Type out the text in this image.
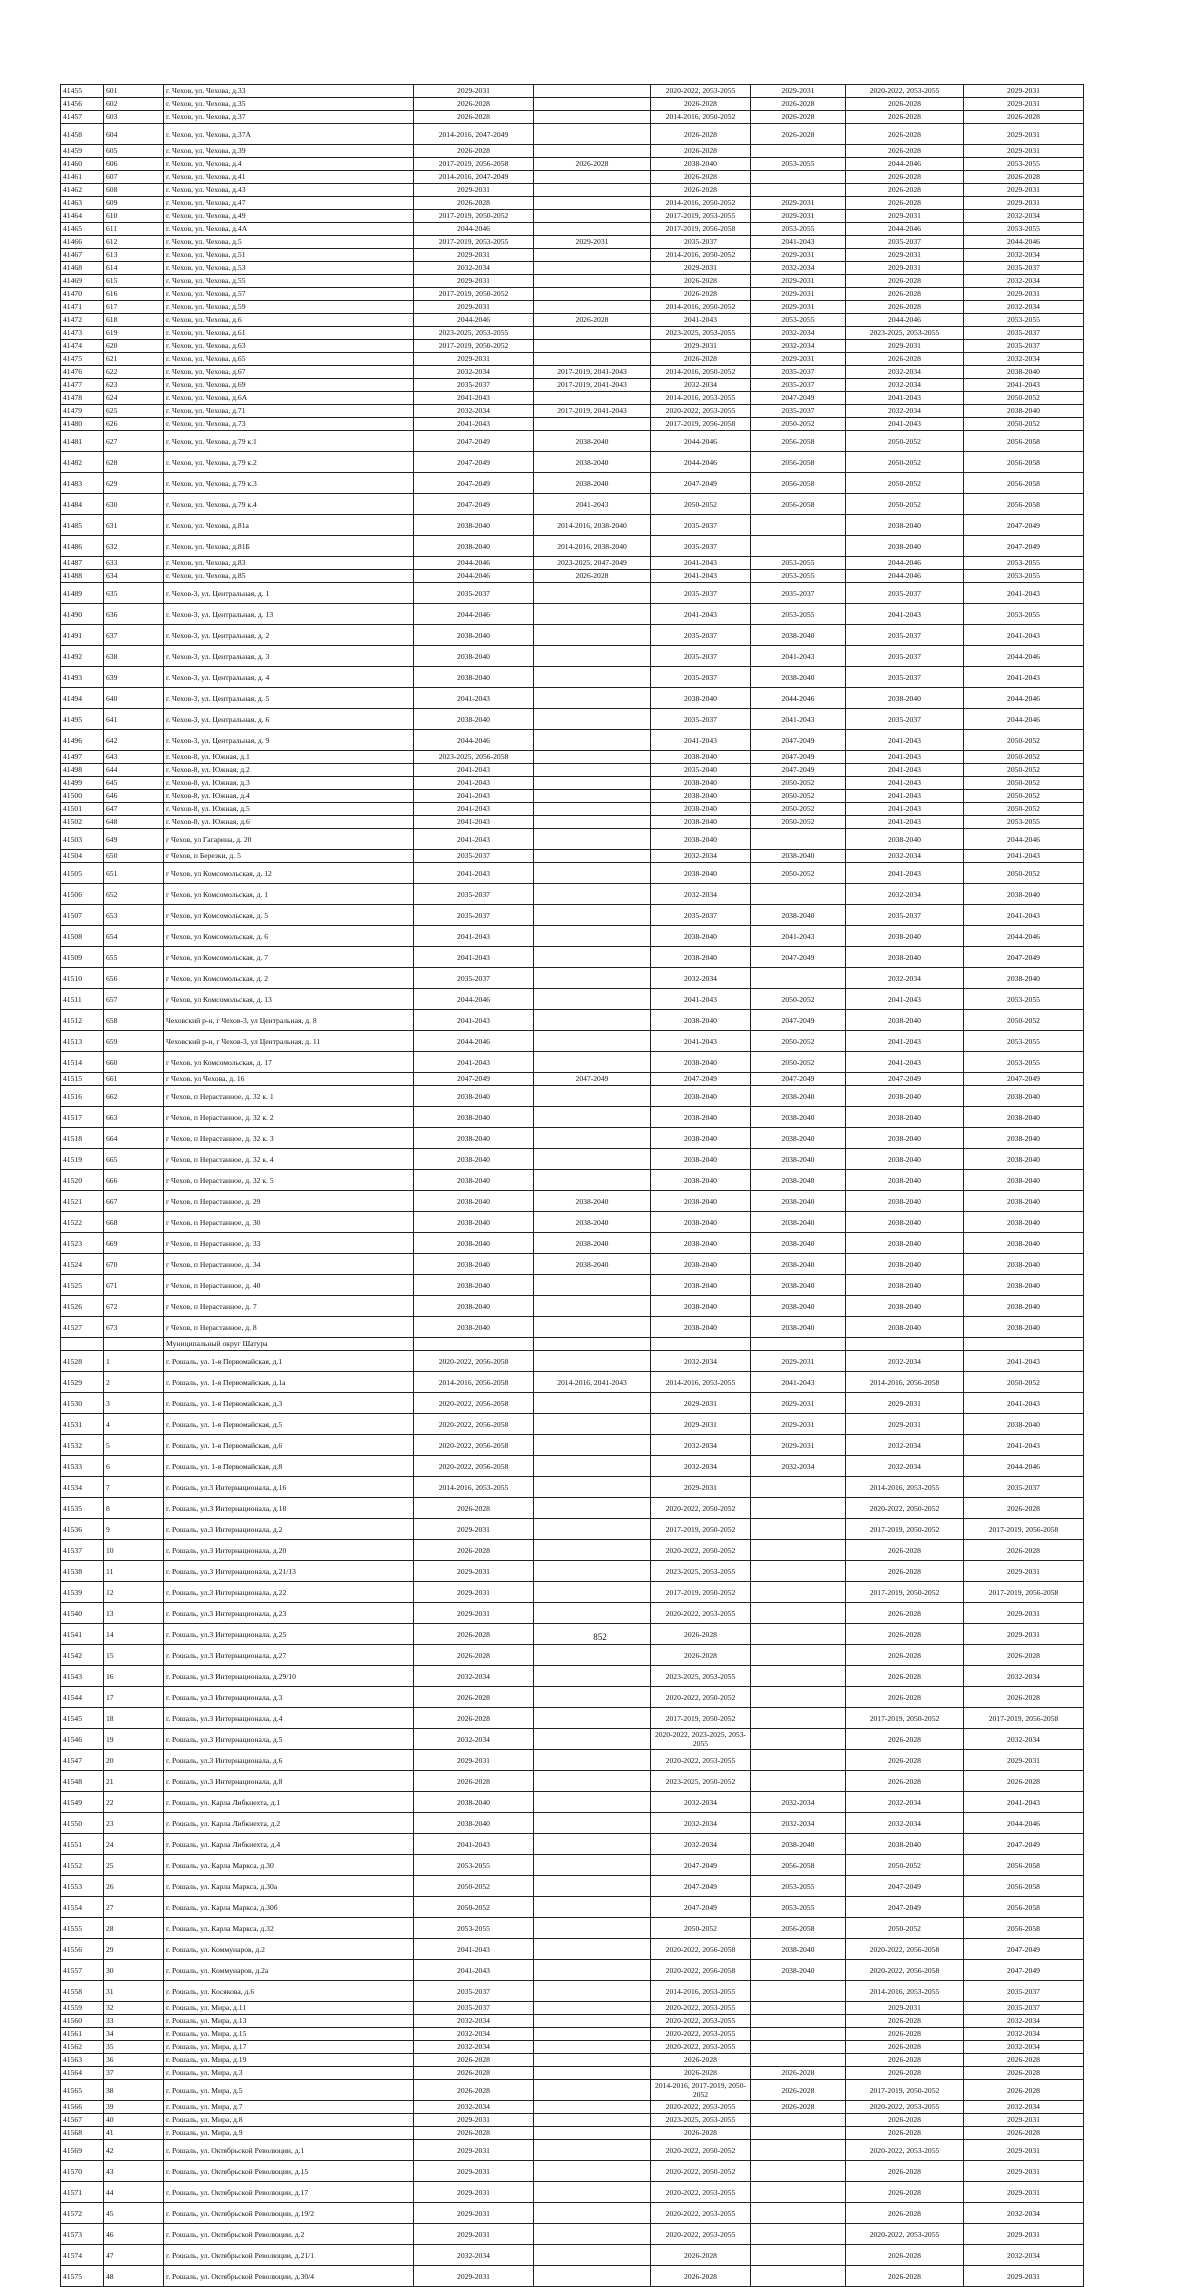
41455	601	г. Чехов, ул. Чехова, д.33	2029-2031		2020-2022, 2053-2055	2029-2031	2020-2022, 2053-2055	2029-2031
41456	602	г. Чехов, ул. Чехова, д.35	2026-2028		2026-2028	2026-2028	2026-2028	2029-2031
41457	603	г. Чехов, ул. Чехова, д.37	2026-2028		2014-2016, 2050-2052	2026-2028	2026-2028	2026-2028
41458	604	г. Чехов, ул. Чехова, д.37А	2014-2016, 2047-2049		2026-2028	2026-2028	2026-2028	2029-2031
41459	605	г. Чехов, ул. Чехова, д.39	2026-2028		2026-2028		2026-2028	2029-2031
41460	606	г. Чехов, ул. Чехова, д.4	2017-2019, 2056-2058	2026-2028	2038-2040	2053-2055	2044-2046	2053-2055
41461	607	г. Чехов, ул. Чехова, д.41	2014-2016, 2047-2049		2026-2028		2026-2028	2026-2028
41462	608	г. Чехов, ул. Чехова, д.43	2029-2031		2026-2028		2026-2028	2029-2031
41463	609	г. Чехов, ул. Чехова, д.47	2026-2028		2014-2016, 2050-2052	2029-2031	2026-2028	2029-2031
41464	610	г. Чехов, ул. Чехова, д.49	2017-2019, 2050-2052		2017-2019, 2053-2055	2029-2031	2029-2031	2032-2034
41465	611	г. Чехов, ул. Чехова, д.4А	2044-2046		2017-2019, 2056-2058	2053-2055	2044-2046	2053-2055
41466	612	г. Чехов, ул. Чехова, д.5	2017-2019, 2053-2055	2029-2031	2035-2037	2041-2043	2035-2037	2044-2046
41467	613	г. Чехов, ул. Чехова, д.51	2029-2031		2014-2016, 2050-2052	2029-2031	2029-2031	2032-2034
41468	614	г. Чехов, ул. Чехова, д.53	2032-2034		2029-2031	2032-2034	2029-2031	2035-2037
41469	615	г. Чехов, ул. Чехова, д.55	2029-2031		2026-2028	2029-2031	2026-2028	2032-2034
41470	616	г. Чехов, ул. Чехова, д.57	2017-2019, 2050-2052		2026-2028	2029-2031	2026-2028	2029-2031
41471	617	г. Чехов, ул. Чехова, д.59	2029-2031		2014-2016, 2050-2052	2029-2031	2026-2028	2032-2034
41472	618	г. Чехов, ул. Чехова, д.6	2044-2046	2026-2028	2041-2043	2053-2055	2044-2046	2053-2055
41473	619	г. Чехов, ул. Чехова, д.61	2023-2025, 2053-2055		2023-2025, 2053-2055	2032-2034	2023-2025, 2053-2055	2035-2037
41474	620	г. Чехов, ул. Чехова, д.63	2017-2019, 2050-2052		2029-2031	2032-2034	2029-2031	2035-2037
41475	621	г. Чехов, ул. Чехова, д.65	2029-2031		2026-2028	2029-2031	2026-2028	2032-2034
41476	622	г. Чехов, ул. Чехова, д.67	2032-2034	2017-2019, 2041-2043	2014-2016, 2050-2052	2035-2037	2032-2034	2038-2040
41477	623	г. Чехов, ул. Чехова, д.69	2035-2037	2017-2019, 2041-2043	2032-2034	2035-2037	2032-2034	2041-2043
41478	624	г. Чехов, ул. Чехова, д.6А	2041-2043		2014-2016, 2053-2055	2047-2049	2041-2043	2050-2052
41479	625	г. Чехов, ул. Чехова, д.71	2032-2034	2017-2019, 2041-2043	2020-2022, 2053-2055	2035-2037	2032-2034	2038-2040
41480	626	г. Чехов, ул. Чехова, д.73	2041-2043		2017-2019, 2056-2058	2050-2052	2041-2043	2050-2052
41481	627	г. Чехов, ул. Чехова, д.79 к.1	2047-2049	2038-2040	2044-2046	2056-2058	2050-2052	2056-2058
41482	628	г. Чехов, ул. Чехова, д.79 к.2	2047-2049	2038-2040	2044-2046	2056-2058	2050-2052	2056-2058
41483	629	г. Чехов, ул. Чехова, д.79 к.3	2047-2049	2038-2040	2047-2049	2056-2058	2050-2052	2056-2058
41484	630	г. Чехов, ул. Чехова, д.79 к.4	2047-2049	2041-2043	2050-2052	2056-2058	2050-2052	2056-2058
41485	631	г. Чехов, ул. Чехова, д.81а	2038-2040	2014-2016, 2038-2040	2035-2037		2038-2040	2047-2049
41486	632	г. Чехов, ул. Чехова, д.81Б	2038-2040	2014-2016, 2038-2040	2035-2037		2038-2040	2047-2049
41487	633	г. Чехов, ул. Чехова, д.83	2044-2046	2023-2025, 2047-2049	2041-2043	2053-2055	2044-2046	2053-2055
41488	634	г. Чехов, ул. Чехова, д.85	2044-2046	2026-2028	2041-2043	2053-2055	2044-2046	2053-2055
41489	635	г. Чехов-3, ул. Центральная, д. 1	2035-2037		2035-2037	2035-2037	2035-2037	2041-2043
41490	636	г. Чехов-3, ул. Центральная, д. 13	2044-2046		2041-2043	2053-2055	2041-2043	2053-2055
41491	637	г. Чехов-3, ул. Центральная, д. 2	2038-2040		2035-2037	2038-2040	2035-2037	2041-2043
41492	638	г. Чехов-3, ул. Центральная, д. 3	2038-2040		2035-2037	2041-2043	2035-2037	2044-2046
41493	639	г. Чехов-3, ул. Центральная, д. 4	2038-2040		2035-2037	2038-2040	2035-2037	2041-2043
41494	640	г. Чехов-3, ул. Центральная, д. 5	2041-2043		2038-2040	2044-2046	2038-2040	2044-2046
41495	641	г. Чехов-3, ул. Центральная, д. 6	2038-2040		2035-2037	2041-2043	2035-2037	2044-2046
41496	642	г. Чехов-3, ул. Центральная, д. 9	2044-2046		2041-2043	2047-2049	2041-2043	2050-2052
41497	643	г. Чехов-8, ул. Южная, д.1	2023-2025, 2056-2058		2038-2040	2047-2049	2041-2043	2050-2052
41498	644	г. Чехов-8, ул. Южная, д.2	2041-2043		2035-2040	2047-2049	2041-2043	2050-2052
41499	645	г. Чехов-8, ул. Южная, д.3	2041-2043		2038-2040	2050-2052	2041-2043	2050-2052
41500	646	г. Чехов-8, ул. Южная, д.4	2041-2043		2038-2040	2050-2052	2041-2043	2050-2052
41501	647	г. Чехов-8, ул. Южная, д.5	2041-2043		2038-2040	2050-2052	2041-2043	2050-2052
41502	648	г. Чехов-8, ул. Южная, д.6	2041-2043		2038-2040	2050-2052	2041-2043	2053-2055
41503	649	г Чехов, ул Гагарина, д. 20	2041-2043		2038-2040		2038-2040	2044-2046
41504	650	г Чехов, п Березки, д. 5	2035-2037		2032-2034	2038-2040	2032-2034	2041-2043
41505	651	г Чехов, ул Комсомольская, д. 12	2041-2043		2038-2040	2050-2052	2041-2043	2050-2052
41506	652	г Чехов, ул Комсомольская, д. 1	2035-2037		2032-2034		2032-2034	2038-2040
41507	653	г Чехов, ул Комсомольская, д. 5	2035-2037		2035-2037	2038-2040	2035-2037	2041-2043
41508	654	г Чехов, ул Комсомольская, д. 6	2041-2043		2038-2040	2041-2043	2038-2040	2044-2046
41509	655	г Чехов, ул Комсомольская, д. 7	2041-2043		2038-2040	2047-2049	2038-2040	2047-2049
41510	656	г Чехов, ул Комсомольская, д. 2	2035-2037		2032-2034		2032-2034	2038-2040
41511	657	г Чехов, ул Комсомольская, д. 13	2044-2046		2041-2043	2050-2052	2041-2043	2053-2055
41512	658	Чеховский р-н, г Чехов-3, ул Центральная, д. 8	2041-2043		2038-2040	2047-2049	2038-2040	2050-2052
41513	659	Чеховский р-н, г Чехов-3, ул Центральная, д. 11	2044-2046		2041-2043	2050-2052	2041-2043	2053-2055
41514	660	г Чехов, ул Комсомольская, д. 17	2041-2043		2038-2040	2050-2052	2041-2043	2053-2055
41515	661	г Чехов, ул Чехова, д. 16	2047-2049	2047-2049	2047-2049	2047-2049	2047-2049	2047-2049
41516	662	г Чехов, п Нерастанное, д. 32 к. 1	2038-2040		2038-2040	2038-2040	2038-2040	2038-2040
41517	663	г Чехов, п Нерастанное, д. 32 к. 2	2038-2040		2038-2040	2038-2040	2038-2040	2038-2040
41518	664	г Чехов, п Нерастанное, д. 32 к. 3	2038-2040		2038-2040	2038-2040	2038-2040	2038-2040
41519	665	г Чехов, п Нерастанное, д. 32 к. 4	2038-2040		2038-2040	2038-2040	2038-2040	2038-2040
41520	666	г Чехов, п Нерастанное, д. 32 к. 5	2038-2040		2038-2040	2038-2040	2038-2040	2038-2040
41521	667	г Чехов, п Нерастанное, д. 29	2038-2040	2038-2040	2038-2040	2038-2040	2038-2040	2038-2040
41522	668	г Чехов, п Нерастанное, д. 30	2038-2040	2038-2040	2038-2040	2038-2040	2038-2040	2038-2040
41523	669	г Чехов, п Нерастанное, д. 33	2038-2040	2038-2040	2038-2040	2038-2040	2038-2040	2038-2040
41524	670	г Чехов, п Нерастанное, д. 34	2038-2040	2038-2040	2038-2040	2038-2040	2038-2040	2038-2040
41525	671	г Чехов, п Нерастанное, д. 40	2038-2040		2038-2040	2038-2040	2038-2040	2038-2040
41526	672	г Чехов, п Нерастанное, д. 7	2038-2040		2038-2040	2038-2040	2038-2040	2038-2040
41527	673	г Чехов, п Нерастанное, д. 8	2038-2040		2038-2040	2038-2040	2038-2040	2038-2040
		Муниципальный округ Шатура						
41528	1	г. Рошаль, ул. 1-я Первомайская, д.1	2020-2022, 2056-2058		2032-2034	2029-2031	2032-2034	2041-2043
41529	2	г. Рошаль, ул. 1-я Первомайская, д.1а	2014-2016, 2056-2058	2014-2016, 2041-2043	2014-2016, 2053-2055	2041-2043	2014-2016, 2056-2058	2050-2052
41530	3	г. Рошаль, ул. 1-я Первомайская, д.3	2020-2022, 2056-2058		2029-2031	2029-2031	2029-2031	2041-2043
41531	4	г. Рошаль, ул. 1-я Первомайская, д.5	2020-2022, 2056-2058		2029-2031	2029-2031	2029-2031	2038-2040
41532	5	г. Рошаль, ул. 1-я Первомайская, д.6	2020-2022, 2056-2058		2032-2034	2029-2031	2032-2034	2041-2043
41533	6	г. Рошаль, ул. 1-я Первомайская, д.8	2020-2022, 2056-2058		2032-2034	2032-2034	2032-2034	2044-2046
41534	7	г. Рошаль, ул.3 Интернационала, д.16	2014-2016, 2053-2055		2029-2031		2014-2016, 2053-2055	2035-2037
41535	8	г. Рошаль, ул.3 Интернационала, д.18	2026-2028		2020-2022, 2050-2052		2020-2022, 2050-2052	2026-2028
41536	9	г. Рошаль, ул.3 Интернационала, д.2	2029-2031		2017-2019, 2050-2052		2017-2019, 2050-2052	2017-2019, 2056-2058
41537	10	г. Рошаль, ул.3 Интернационала, д.20	2026-2028		2020-2022, 2050-2052		2026-2028	2026-2028
41538	11	г. Рошаль, ул.3 Интернационала, д.21/13	2029-2031		2023-2025, 2053-2055		2026-2028	2029-2031
41539	12	г. Рошаль, ул.3 Интернационала, д.22	2029-2031		2017-2019, 2050-2052		2017-2019, 2050-2052	2017-2019, 2056-2058
41540	13	г. Рошаль, ул.3 Интернационала, д.23	2029-2031		2020-2022, 2053-2055		2026-2028	2029-2031
41541	14	г. Рошаль, ул.3 Интернационала, д.25	2026-2028		2026-2028		2026-2028	2029-2031
41542	15	г. Рошаль, ул.3 Интернационала, д.27	2026-2028		2026-2028		2026-2028	2026-2028
41543	16	г. Рошаль, ул.3 Интернационала, д.29/10	2032-2034		2023-2025, 2053-2055		2026-2028	2032-2034
41544	17	г. Рошаль, ул.3 Интернационала, д.3	2026-2028		2020-2022, 2050-2052		2026-2028	2026-2028
41545	18	г. Рошаль, ул.3 Интернационала, д.4	2026-2028		2017-2019, 2050-2052		2017-2019, 2050-2052	2017-2019, 2056-2058
41546	19	г. Рошаль, ул.3 Интернационала, д.5	2032-2034		2020-2022, 2023-2025, 2053-2055		2026-2028	2032-2034
41547	20	г. Рошаль, ул.3 Интернационала, д.6	2029-2031		2020-2022, 2053-2055		2026-2028	2029-2031
41548	21	г. Рошаль, ул.3 Интернационала, д.8	2026-2028		2023-2025, 2050-2052		2026-2028	2026-2028
41549	22	г. Рошаль, ул. Карла Либкнехта, д.1	2038-2040		2032-2034	2032-2034	2032-2034	2041-2043
41550	23	г. Рошаль, ул. Карла Либкнехта, д.2	2038-2040		2032-2034	2032-2034	2032-2034	2044-2046
41551	24	г. Рошаль, ул. Карла Либкнехта, д.4	2041-2043		2032-2034	2038-2040	2038-2040	2047-2049
41552	25	г. Рошаль, ул. Карла Маркса, д.30	2053-2055		2047-2049	2056-2058	2050-2052	2056-2058
41553	26	г. Рошаль, ул. Карла Маркса, д.30а	2050-2052		2047-2049	2053-2055	2047-2049	2056-2058
41554	27	г. Рошаль, ул. Карла Маркса, д.30б	2050-2052		2047-2049	2053-2055	2047-2049	2056-2058
41555	28	г. Рошаль, ул. Карла Маркса, д.32	2053-2055		2050-2052	2056-2058	2050-2052	2056-2058
41556	29	г. Рошаль, ул. Коммунаров, д.2	2041-2043		2020-2022, 2056-2058	2038-2040	2020-2022, 2056-2058	2047-2049
41557	30	г. Рошаль, ул. Коммунаров, д.2а	2041-2043		2020-2022, 2056-2058	2038-2040	2020-2022, 2056-2058	2047-2049
41558	31	г. Рошаль, ул. Косякова, д.6	2035-2037		2014-2016, 2053-2055		2014-2016, 2053-2055	2035-2037
41559	32	г. Рошаль, ул. Мира, д.11	2035-2037		2020-2022, 2053-2055		2029-2031	2035-2037
41560	33	г. Рошаль, ул. Мира, д.13	2032-2034		2020-2022, 2053-2055		2026-2028	2032-2034
41561	34	г. Рошаль, ул. Мира, д.15	2032-2034		2020-2022, 2053-2055		2026-2028	2032-2034
41562	35	г. Рошаль, ул. Мира, д.17	2032-2034		2020-2022, 2053-2055		2026-2028	2032-2034
41563	36	г. Рошаль, ул. Мира, д.19	2026-2028		2026-2028		2026-2028	2026-2028
41564	37	г. Рошаль, ул. Мира, д.3	2026-2028		2026-2028	2026-2028	2026-2028	2026-2028
41565	38	г. Рошаль, ул. Мира, д.5	2026-2028		2014-2016, 2017-2019, 2050-2052	2026-2028	2017-2019, 2050-2052	2026-2028
41566	39	г. Рошаль, ул. Мира, д.7	2032-2034		2020-2022, 2053-2055	2026-2028	2020-2022, 2053-2055	2032-2034
41567	40	г. Рошаль, ул. Мира, д.8	2029-2031		2023-2025, 2053-2055		2026-2028	2029-2031
41568	41	г. Рошаль, ул. Мира, д.9	2026-2028		2026-2028		2026-2028	2026-2028
41569	42	г. Рошаль, ул. Октябрьской Революции, д.1	2029-2031		2020-2022, 2050-2052		2020-2022, 2053-2055	2029-2031
41570	43	г. Рошаль, ул. Октябрьской Революции, д.15	2029-2031		2020-2022, 2050-2052		2026-2028	2029-2031
41571	44	г. Рошаль, ул. Октябрьской Революции, д.17	2029-2031		2020-2022, 2053-2055		2026-2028	2029-2031
41572	45	г. Рошаль, ул. Октябрьской Революции, д.19/2	2029-2031		2020-2022, 2053-2055		2026-2028	2032-2034
41573	46	г. Рошаль, ул. Октябрьской Революции, д.2	2029-2031		2020-2022, 2053-2055		2020-2022, 2053-2055	2029-2031
41574	47	г. Рошаль, ул. Октябрьской Революции, д.21/1	2032-2034		2026-2028		2026-2028	2032-2034
41575	48	г. Рошаль, ул. Октябрьской Революции, д.30/4	2029-2031		2026-2028		2026-2028	2029-2031
852
